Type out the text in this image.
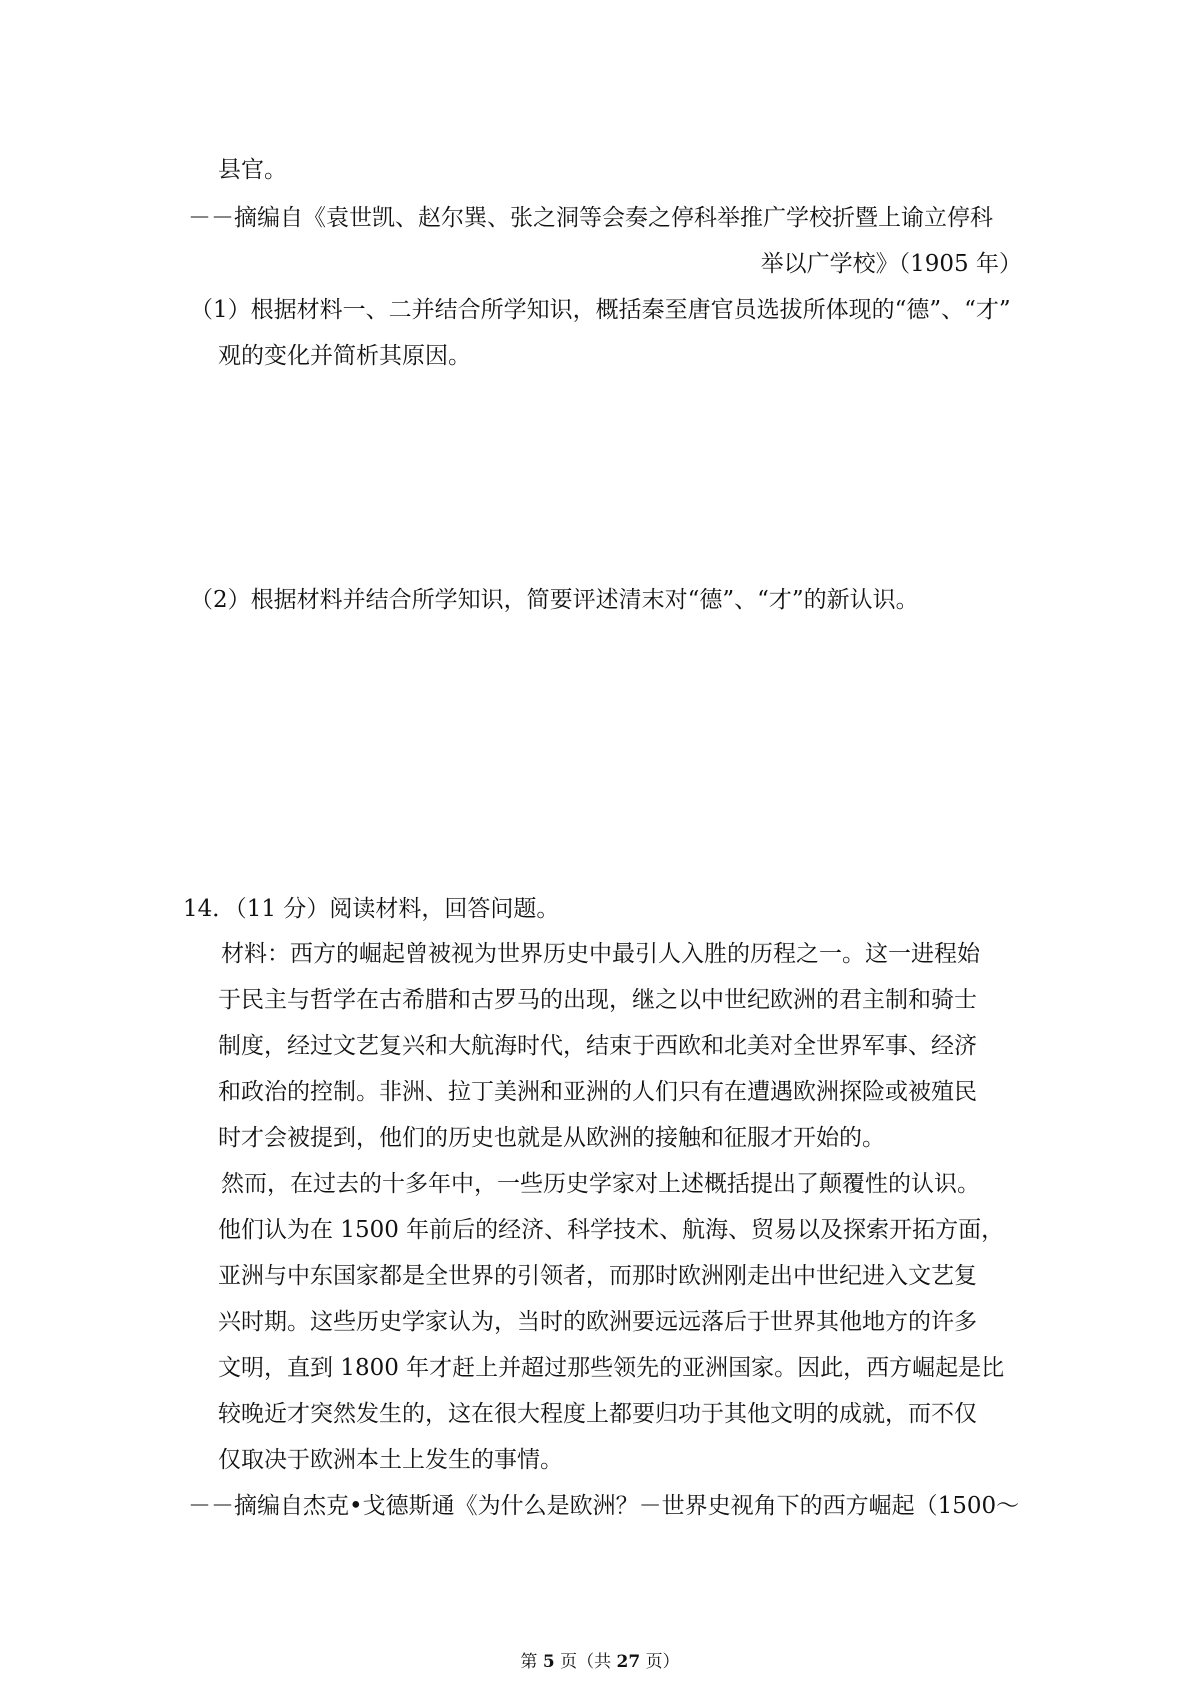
县官。
－－摘编自《袁世凯、赵尔巽、张之洞等会奏之停科举推广学校折暨上谕立停科
举以广学校》（1905 年）
（1）根据材料一、二并结合所学知识，概括秦至唐官员选拔所体现的“德”、“才”
观的变化并简析其原因。
（2）根据材料并结合所学知识，简要评述清末对“德”、“才”的新认识。
14．（11 分）阅读材料，回答问题。
材料：西方的崛起曾被视为世界历史中最引人入胜的历程之一。这一进程始
于民主与哲学在古希腊和古罗马的出现，继之以中世纪欧洲的君主制和骑士
制度，经过文艺复兴和大航海时代，结束于西欧和北美对全世界军事、经济
和政治的控制。非洲、拉丁美洲和亚洲的人们只有在遭遇欧洲探险或被殖民
时才会被提到，他们的历史也就是从欧洲的接触和征服才开始的。
然而，在过去的十多年中，一些历史学家对上述概括提出了颠覆性的认识。
他们认为在 1500 年前后的经济、科学技术、航海、贸易以及探索开拓方面，
亚洲与中东国家都是全世界的引领者，而那时欧洲刚走出中世纪进入文艺复
兴时期。这些历史学家认为，当时的欧洲要远远落后于世界其他地方的许多
文明，直到 1800 年才赶上并超过那些领先的亚洲国家。因此，西方崛起是比
较晚近才突然发生的，这在很大程度上都要归功于其他文明的成就，而不仅
仅取决于欧洲本土上发生的事情。
－－摘编自杰克•戈德斯通《为什么是欧洲？－世界史视角下的西方崛起（1500～
第 5 页（共 27 页）
